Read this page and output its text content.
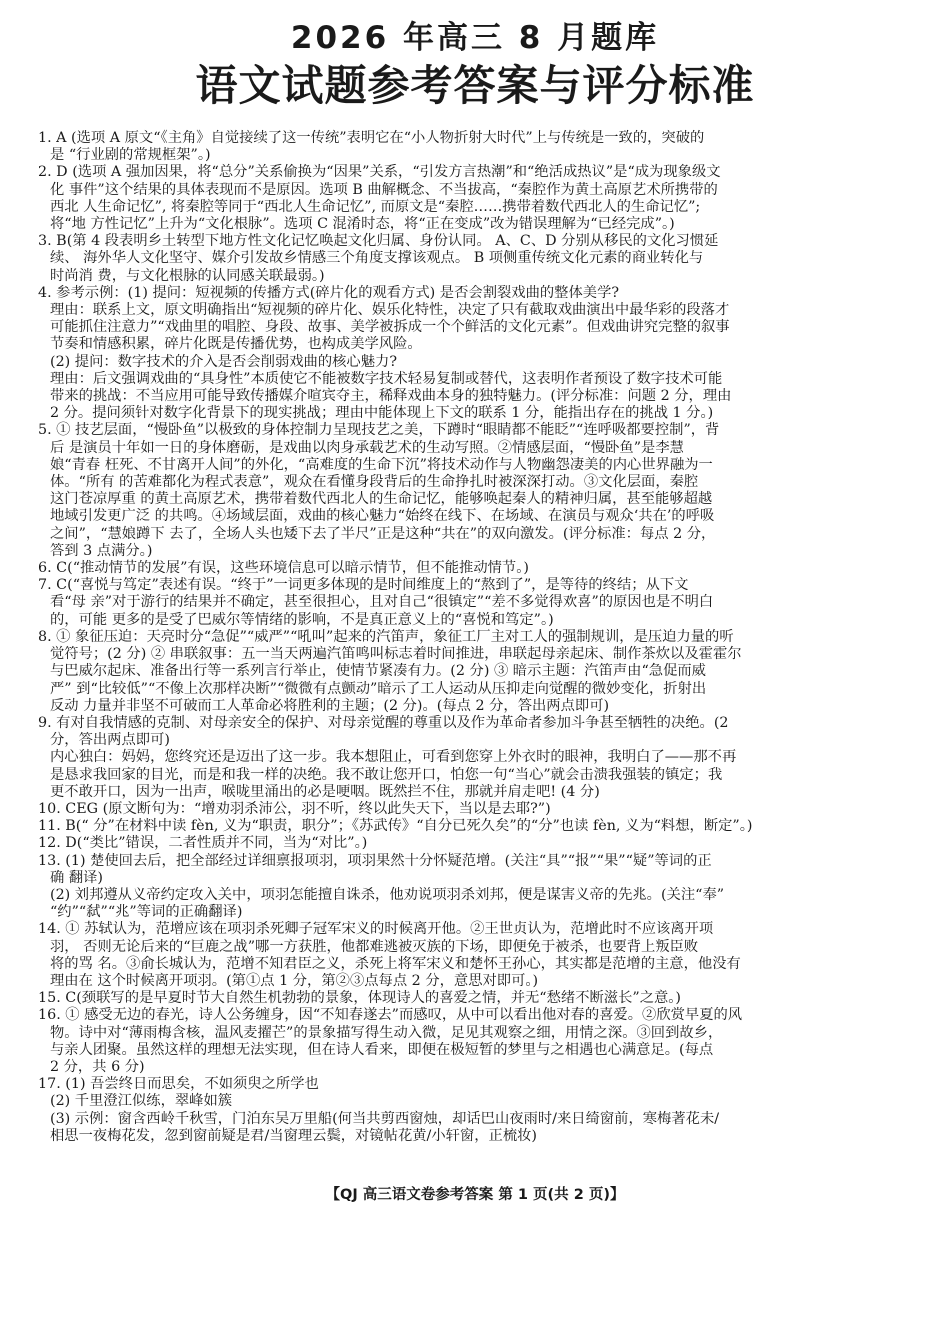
2026 年高三 8 月题库
语文试题参考答案与评分标准
1. A (选项 A 原文“《主角》自觉接续了这一传统”表明它在“小人物折射大时代”上与传统是一致的，突破的
是 “行业剧的常规框架”。)
2. D (选项 A 强加因果，将“总分”关系偷换为“因果”关系，“引发方言热潮”和“绝活成热议”是“成为现象级文
化 事件”这个结果的具体表现而不是原因。选项 B 曲解概念、不当拔高，“秦腔作为黄土高原艺术所携带的
西北 人生命记忆”, 将秦腔等同于“西北人生命记忆”, 而原文是“秦腔……携带着数代西北人的生命记忆”;
将“地 方性记忆”上升为“文化根脉”。选项 C 混淆时态，将“正在变成”改为错误理解为“已经完成”。)
3. B(第 4 段表明乡土转型下地方性文化记忆唤起文化归属、身份认同。 A、C、D 分别从移民的文化习惯延
续、 海外华人文化坚守、媒介引发故乡情感三个角度支撑该观点。 B 项侧重传统文化元素的商业转化与
时尚消 费，与文化根脉的认同感关联最弱。)
4. 参考示例：(1) 提问：短视频的传播方式(碎片化的观看方式) 是否会割裂戏曲的整体美学?
理由：联系上文，原文明确指出“短视频的碎片化、娱乐化特性，决定了只有截取戏曲演出中最华彩的段落才
可能抓住注意力”“戏曲里的唱腔、身段、故事、美学被拆成一个个鲜活的文化元素”。但戏曲讲究完整的叙事
节奏和情感积累，碎片化既是传播优势，也构成美学风险。
(2) 提问：数字技术的介入是否会削弱戏曲的核心魅力?
理由：后文强调戏曲的“具身性”本质使它不能被数字技术轻易复制或替代，这表明作者预设了数字技术可能
带来的挑战：不当应用可能导致传播媒介喧宾夺主，稀释戏曲本身的独特魅力。(评分标准：问题 2 分，理由
2 分。提问须针对数字化背景下的现实挑战；理由中能体现上下文的联系 1 分，能指出存在的挑战 1 分。)
5. ① 技艺层面，“慢卧鱼”以极致的身体控制力呈现技艺之美，下蹲时“眼睛都不能眨”“连呼吸都要控制”，背
后 是演员十年如一日的身体磨砺，是戏曲以肉身承载艺术的生动写照。②情感层面，“慢卧鱼”是李慧
娘“青春 枉死、不甘离开人间”的外化，“高难度的生命下沉”将技术动作与人物幽怨凄美的内心世界融为一
体。“所有 的苦难都化为程式表意”，观众在看懂身段背后的生命挣扎时被深深打动。③文化层面，秦腔
这门苍凉厚重 的黄土高原艺术，携带着数代西北人的生命记忆，能够唤起秦人的精神归属，甚至能够超越
地域引发更广泛 的共鸣。④场域层面，戏曲的核心魅力“始终在线下、在场域、在演员与观众‘共在’的呼吸
之间”，“慧娘蹲下 去了，全场人头也矮下去了半尺”正是这种“共在”的双向激发。(评分标准：每点 2 分，
答到 3 点满分。)
6. C(“推动情节的发展”有误，这些环境信息可以暗示情节，但不能推动情节。)
7. C(“喜悦与笃定”表述有误。“终于”一词更多体现的是时间维度上的“熬到了”，是等待的终结；从下文
看“母 亲”对于游行的结果并不确定，甚至很担心，且对自己“很镇定”“差不多觉得欢喜”的原因也是不明白
的，可能 更多的是受了巴威尔等情绪的影响，不是真正意义上的“喜悦和笃定”。)
8. ① 象征压迫：天亮时分“急促”“威严”“吼叫”起来的汽笛声，象征工厂主对工人的强制规训，是压迫力量的听
觉符号；(2 分) ② 串联叙事：五一当天两遍汽笛鸣叫标志着时间推进，串联起母亲起床、制作茶炊以及霍霍尔
与巴威尔起床、准备出行等一系列言行举止，使情节紧凑有力。(2 分) ③ 暗示主题：汽笛声由“急促而威
严” 到“比较低”“不像上次那样决断”“微微有点颤动”暗示了工人运动从压抑走向觉醒的微妙变化，折射出
反动 力量并非坚不可破而工人革命必将胜利的主题；(2 分)。(每点 2 分，答出两点即可)
9. 有对自我情感的克制、对母亲安全的保护、对母亲觉醒的尊重以及作为革命者参加斗争甚至牺牲的决绝。(2
分，答出两点即可)
内心独白：妈妈，您终究还是迈出了这一步。我本想阻止，可看到您穿上外衣时的眼神，我明白了——那不再
是恳求我回家的目光，而是和我一样的决绝。我不敢让您开口，怕您一句“当心”就会击溃我强装的镇定；我
更不敢开口，因为一出声，喉咙里涌出的必是哽咽。既然拦不住，那就并肩走吧! (4 分)
10. CEG (原文断句为：“增劝羽杀沛公，羽不听，终以此失天下，当以是去耶?”)
11. B(“ 分”在材料中读 fèn, 义为“职责，职分”；《苏武传》“自分已死久矣”的“分”也读 fèn, 义为“料想，断定”。)
12. D(“类比”错误，二者性质并不同，当为“对比”。)
13. (1) 楚使回去后，把全部经过详细禀报项羽，项羽果然十分怀疑范增。(关注“具”“报”“果”“疑”等词的正
确 翻译)
(2) 刘邦遵从义帝约定攻入关中，项羽怎能擅自诛杀，他劝说项羽杀刘邦，便是谋害义帝的先兆。(关注“奉”
“约”“弑”“兆”等词的正确翻译)
14. ① 苏轼认为，范增应该在项羽杀死卿子冠军宋义的时候离开他。②王世贞认为，范增此时不应该离开项
羽， 否则无论后来的“巨鹿之战”哪一方获胜，他都难逃被灭族的下场，即便免于被杀，也要背上叛臣败
将的骂 名。③俞长城认为，范增不知君臣之义，杀死上将军宋义和楚怀王孙心，其实都是范增的主意，他没有
理由在 这个时候离开项羽。(第①点 1 分，第②③点每点 2 分，意思对即可。)
15. C(颈联写的是早夏时节大自然生机勃勃的景象，体现诗人的喜爱之情，并无“愁绪不断滋长”之意。)
16. ① 感受无边的春光，诗人公务缠身，因“不知春遂去”而感叹，从中可以看出他对春的喜爱。②欣赏早夏的风
物。诗中对“薄雨梅含核，温风麦擢芒”的景象描写得生动入微，足见其观察之细，用情之深。③回到故乡，
与亲人团聚。虽然这样的理想无法实现，但在诗人看来，即便在极短暂的梦里与之相遇也心满意足。(每点
2 分，共 6 分)
17. (1) 吾尝终日而思矣，不如须臾之所学也
(2) 千里澄江似练，翠峰如簇
(3) 示例：窗含西岭千秋雪，门泊东吴万里船(何当共剪西窗烛，却话巴山夜雨时/来日绮窗前，寒梅著花未/
相思一夜梅花发，忽到窗前疑是君/当窗理云鬓，对镜帖花黄/小轩窗，正梳妆)
【QJ 高三语文卷参考答案 第 1 页(共 2 页)】
